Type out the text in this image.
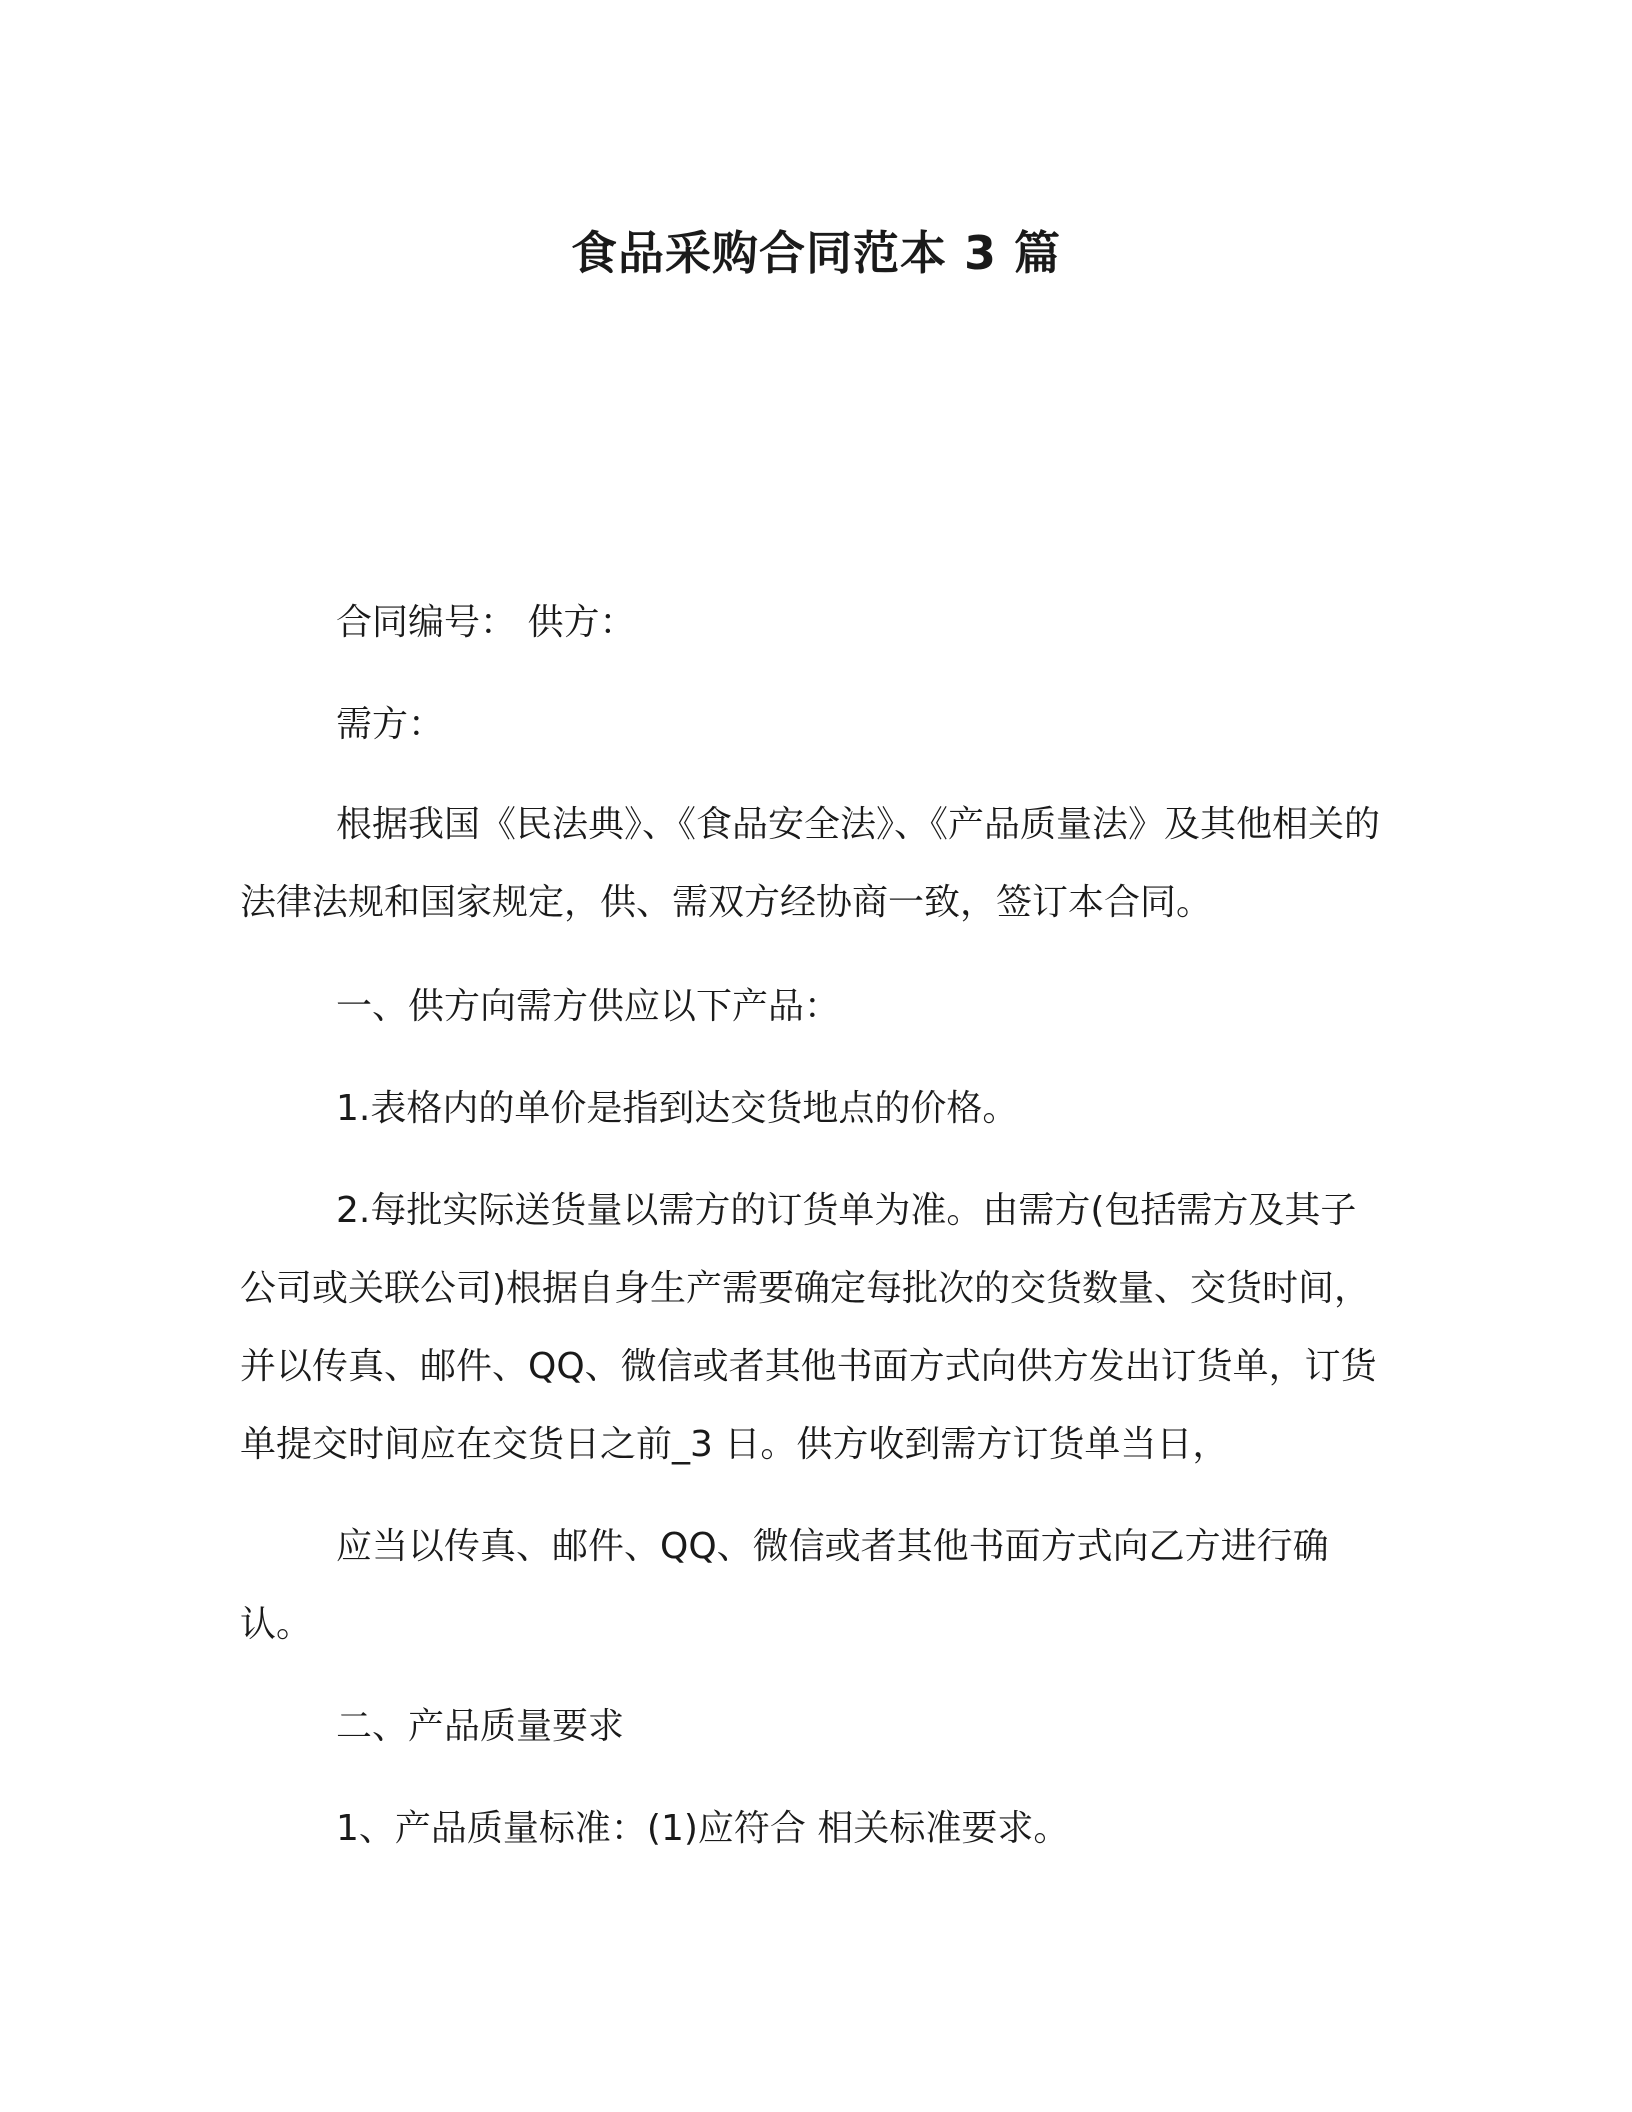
食品采购合同范本 3 篇

合同编号： 供方：

需方：

根据我国《民法典》、《食品安全法》、《产品质量法》及其他相关的法律法规和国家规定，供、需双方经协商一致，签订本合同。

一、供方向需方供应以下产品：

1.表格内的单价是指到达交货地点的价格。

2.每批实际送货量以需方的订货单为准。由需方(包括需方及其子公司或关联公司)根据自身生产需要确定每批次的交货数量、交货时间，并以传真、邮件、QQ、微信或者其他书面方式向供方发出订货单，订货单提交时间应在交货日之前_3 日。供方收到需方订货单当日，

应当以传真、邮件、QQ、微信或者其他书面方式向乙方进行确认。

二、产品质量要求

1、产品质量标准：(1)应符合 相关标准要求。
